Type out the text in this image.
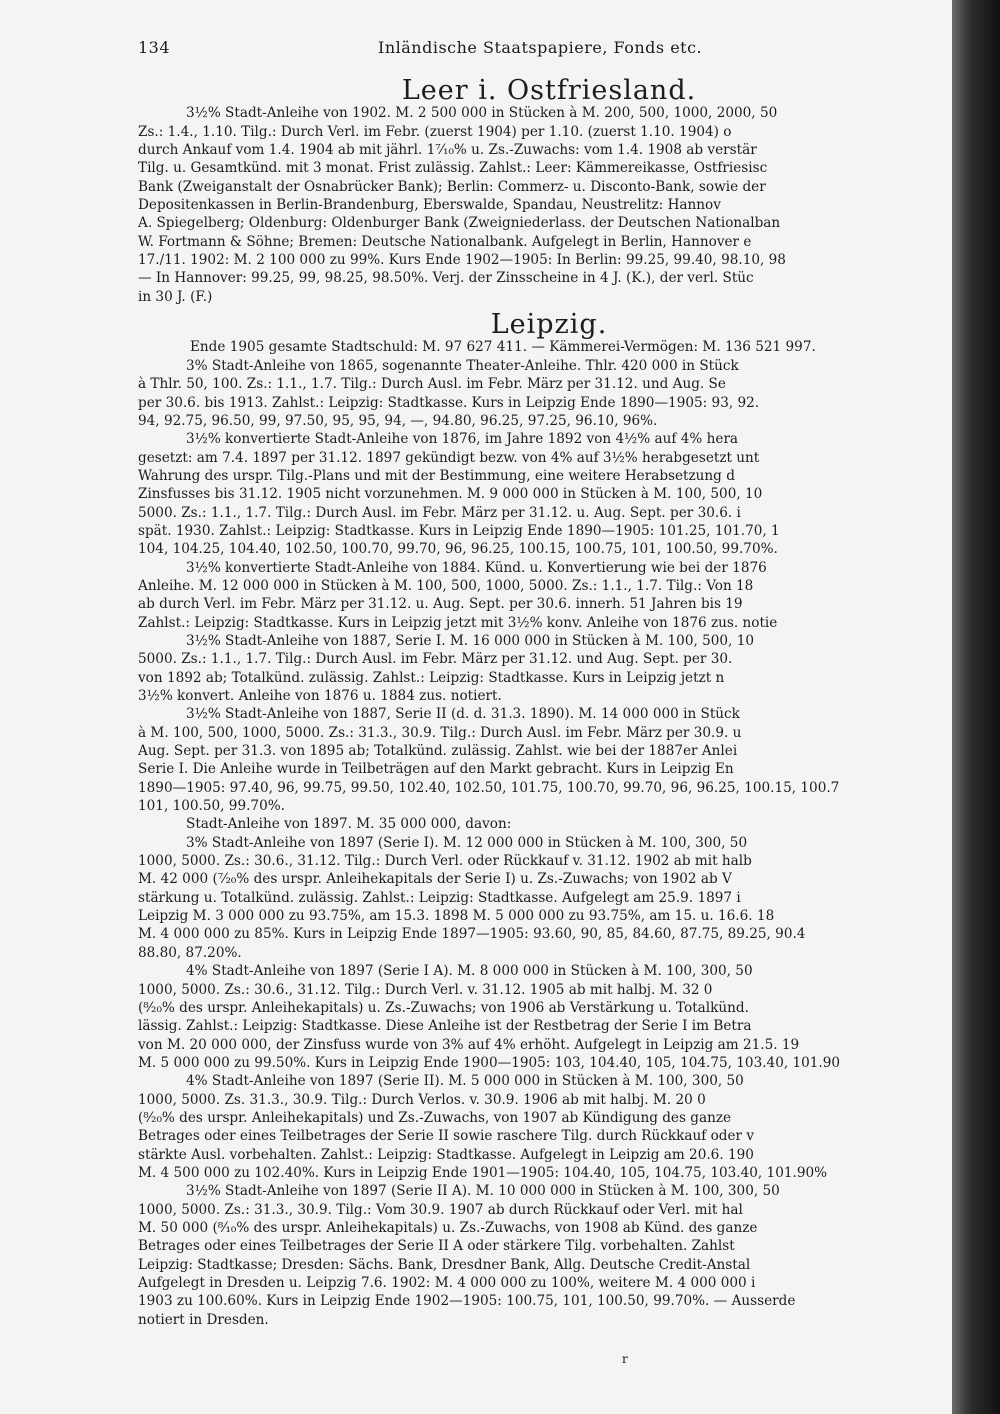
134	Inländische Staatspapiere, Fonds etc.
Leer i. Ostfriesland.

3½% Stadt-Anleihe von 1902. M. 2 500 000 in Stücken à M. 200, 500, 1000, 2000, 50

Zs.: 1.4., 1.10. Tilg.: Durch Verl. im Febr. (zuerst 1904) per 1.10. (zuerst 1.10. 1904) o

durch Ankauf vom 1.4. 1904 ab mit jährl. 1⁷⁄₁₀% u. Zs.-Zuwachs: vom 1.4. 1908 ab verstär

Tilg. u. Gesamtkünd. mit 3 monat. Frist zulässig. Zahlst.: Leer: Kämmereikasse, Ostfriesisc

Bank (Zweiganstalt der Osnabrücker Bank); Berlin: Commerz- u. Disconto-Bank, sowie der

Depositenkassen in Berlin-Brandenburg, Eberswalde, Spandau, Neustrelitz: Hannov

A. Spiegelberg; Oldenburg: Oldenburger Bank (Zweigniederlass. der Deutschen Nationalban

W. Fortmann & Söhne; Bremen: Deutsche Nationalbank. Aufgelegt in Berlin, Hannover e

17./11. 1902: M. 2 100 000 zu 99%. Kurs Ende 1902—1905: In Berlin: 99.25, 99.40, 98.10, 98

— In Hannover: 99.25, 99, 98.25, 98.50%. Verj. der Zinsscheine in 4 J. (K.), der verl. Stüc

in 30 J. (F.)

Leipzig.

Ende 1905 gesamte Stadtschuld: M. 97 627 411. — Kämmerei-Vermögen: M. 136 521 997.

3% Stadt-Anleihe von 1865, sogenannte Theater-Anleihe. Thlr. 420 000 in Stück

à Thlr. 50, 100. Zs.: 1.1., 1.7. Tilg.: Durch Ausl. im Febr. März per 31.12. und Aug. Se

per 30.6. bis 1913. Zahlst.: Leipzig: Stadtkasse. Kurs in Leipzig Ende 1890—1905: 93, 92.

94, 92.75, 96.50, 99, 97.50, 95, 95, 94, —, 94.80, 96.25, 97.25, 96.10, 96%.

3½% konvertierte Stadt-Anleihe von 1876, im Jahre 1892 von 4½% auf 4% hera

gesetzt: am 7.4. 1897 per 31.12. 1897 gekündigt bezw. von 4% auf 3½% herabgesetzt unt

Wahrung des urspr. Tilg.-Plans und mit der Bestimmung, eine weitere Herabsetzung d

Zinsfusses bis 31.12. 1905 nicht vorzunehmen. M. 9 000 000 in Stücken à M. 100, 500, 10

5000. Zs.: 1.1., 1.7. Tilg.: Durch Ausl. im Febr. März per 31.12. u. Aug. Sept. per 30.6. i

spät. 1930. Zahlst.: Leipzig: Stadtkasse. Kurs in Leipzig Ende 1890—1905: 101.25, 101.70, 1

104, 104.25, 104.40, 102.50, 100.70, 99.70, 96, 96.25, 100.15, 100.75, 101, 100.50, 99.70%.

3½% konvertierte Stadt-Anleihe von 1884. Künd. u. Konvertierung wie bei der 1876

Anleihe. M. 12 000 000 in Stücken à M. 100, 500, 1000, 5000. Zs.: 1.1., 1.7. Tilg.: Von 18

ab durch Verl. im Febr. März per 31.12. u. Aug. Sept. per 30.6. innerh. 51 Jahren bis 19

Zahlst.: Leipzig: Stadtkasse. Kurs in Leipzig jetzt mit 3½% konv. Anleihe von 1876 zus. notie

3½% Stadt-Anleihe von 1887, Serie I. M. 16 000 000 in Stücken à M. 100, 500, 10

5000. Zs.: 1.1., 1.7. Tilg.: Durch Ausl. im Febr. März per 31.12. und Aug. Sept. per 30.

von 1892 ab; Totalkünd. zulässig. Zahlst.: Leipzig: Stadtkasse. Kurs in Leipzig jetzt n

3½% konvert. Anleihe von 1876 u. 1884 zus. notiert.

3½% Stadt-Anleihe von 1887, Serie II (d. d. 31.3. 1890). M. 14 000 000 in Stück

à M. 100, 500, 1000, 5000. Zs.: 31.3., 30.9. Tilg.: Durch Ausl. im Febr. März per 30.9. u

Aug. Sept. per 31.3. von 1895 ab; Totalkünd. zulässig. Zahlst. wie bei der 1887er Anlei

Serie I. Die Anleihe wurde in Teilbeträgen auf den Markt gebracht. Kurs in Leipzig En

1890—1905: 97.40, 96, 99.75, 99.50, 102.40, 102.50, 101.75, 100.70, 99.70, 96, 96.25, 100.15, 100.7

101, 100.50, 99.70%.

Stadt-Anleihe von 1897. M. 35 000 000, davon:

3% Stadt-Anleihe von 1897 (Serie I). M. 12 000 000 in Stücken à M. 100, 300, 50

1000, 5000. Zs.: 30.6., 31.12. Tilg.: Durch Verl. oder Rückkauf v. 31.12. 1902 ab mit halb

M. 42 000 (⁷⁄₂₀% des urspr. Anleihekapitals der Serie I) u. Zs.-Zuwachs; von 1902 ab V

stärkung u. Totalkünd. zulässig. Zahlst.: Leipzig: Stadtkasse. Aufgelegt am 25.9. 1897 i

Leipzig M. 3 000 000 zu 93.75%, am 15.3. 1898 M. 5 000 000 zu 93.75%, am 15. u. 16.6. 18

M. 4 000 000 zu 85%. Kurs in Leipzig Ende 1897—1905: 93.60, 90, 85, 84.60, 87.75, 89.25, 90.4

88.80, 87.20%.

4% Stadt-Anleihe von 1897 (Serie I A). M. 8 000 000 in Stücken à M. 100, 300, 50

1000, 5000. Zs.: 30.6., 31.12. Tilg.: Durch Verl. v. 31.12. 1905 ab mit halbj. M. 32 0

(⁸⁄₂₀% des urspr. Anleihekapitals) u. Zs.-Zuwachs; von 1906 ab Verstärkung u. Totalkünd.

lässig. Zahlst.: Leipzig: Stadtkasse. Diese Anleihe ist der Restbetrag der Serie I im Betra

von M. 20 000 000, der Zinsfuss wurde von 3% auf 4% erhöht. Aufgelegt in Leipzig am 21.5. 19

M. 5 000 000 zu 99.50%. Kurs in Leipzig Ende 1900—1905: 103, 104.40, 105, 104.75, 103.40, 101.90

4% Stadt-Anleihe von 1897 (Serie II). M. 5 000 000 in Stücken à M. 100, 300, 50

1000, 5000. Zs. 31.3., 30.9. Tilg.: Durch Verlos. v. 30.9. 1906 ab mit halbj. M. 20 0

(⁸⁄₂₀% des urspr. Anleihekapitals) und Zs.-Zuwachs, von 1907 ab Kündigung des ganze

Betrages oder eines Teilbetrages der Serie II sowie raschere Tilg. durch Rückkauf oder v

stärkte Ausl. vorbehalten. Zahlst.: Leipzig: Stadtkasse. Aufgelegt in Leipzig am 20.6. 190

M. 4 500 000 zu 102.40%. Kurs in Leipzig Ende 1901—1905: 104.40, 105, 104.75, 103.40, 101.90%

3½% Stadt-Anleihe von 1897 (Serie II A). M. 10 000 000 in Stücken à M. 100, 300, 50

1000, 5000. Zs.: 31.3., 30.9. Tilg.: Vom 30.9. 1907 ab durch Rückkauf oder Verl. mit hal

M. 50 000 (⁸⁄₁₀% des urspr. Anleihekapitals) u. Zs.-Zuwachs, von 1908 ab Künd. des ganze

Betrages oder eines Teilbetrages der Serie II A oder stärkere Tilg. vorbehalten. Zahlst

Leipzig: Stadtkasse; Dresden: Sächs. Bank, Dresdner Bank, Allg. Deutsche Credit-Anstal

Aufgelegt in Dresden u. Leipzig 7.6. 1902: M. 4 000 000 zu 100%, weitere M. 4 000 000 i

1903 zu 100.60%. Kurs in Leipzig Ende 1902—1905: 100.75, 101, 100.50, 99.70%. — Ausserde

notiert in Dresden.

r
